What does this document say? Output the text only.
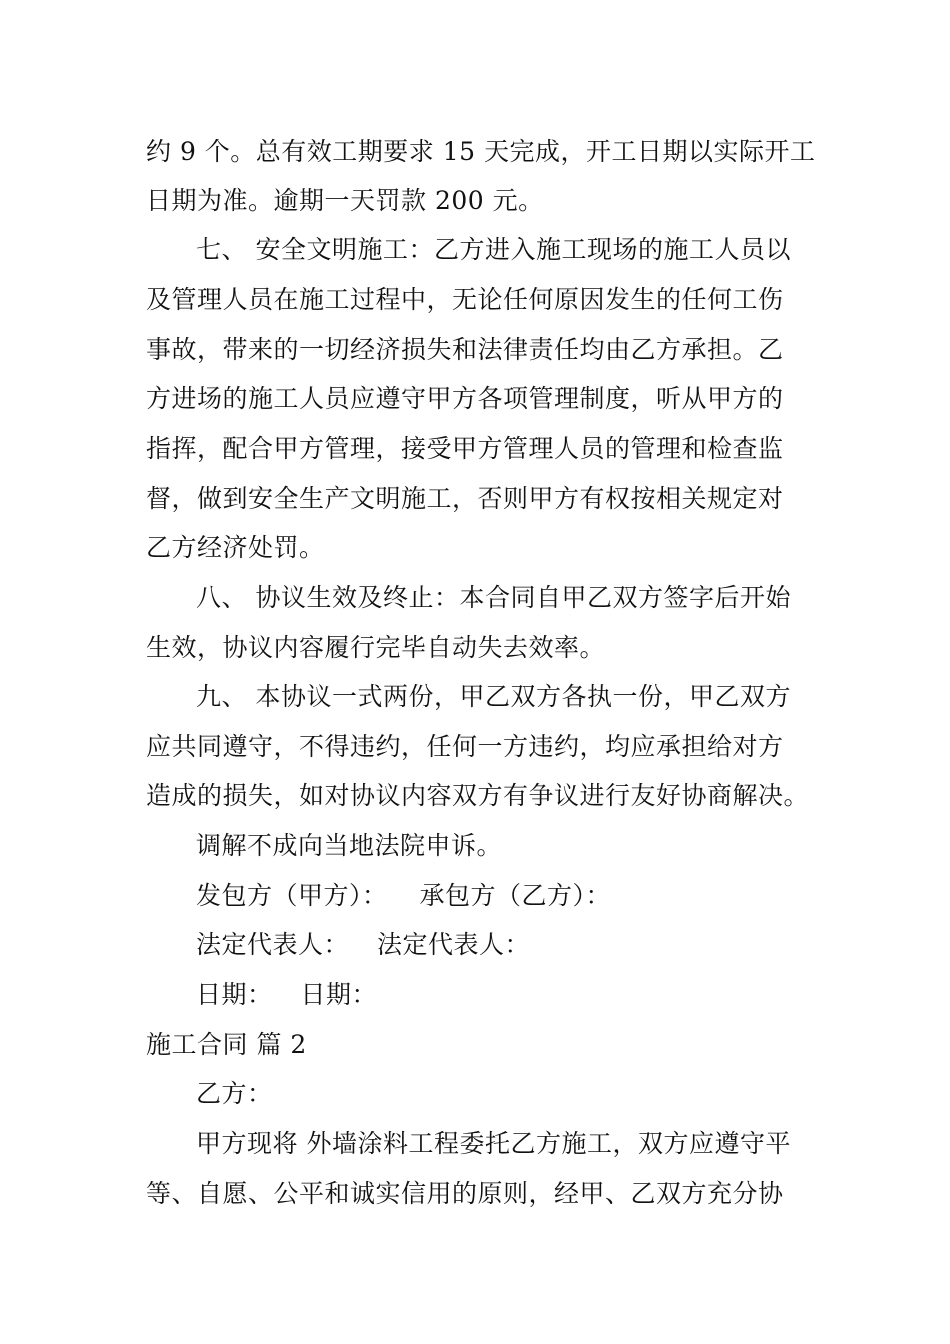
约 9 个。总有效工期要求 15 天完成，开工日期以实际开工
日期为准。逾期一天罚款 200 元。
七、 安全文明施工：乙方进入施工现场的施工人员以
及管理人员在施工过程中，无论任何原因发生的任何工伤
事故，带来的一切经济损失和法律责任均由乙方承担。乙
方进场的施工人员应遵守甲方各项管理制度，听从甲方的
指挥，配合甲方管理，接受甲方管理人员的管理和检查监
督，做到安全生产文明施工，否则甲方有权按相关规定对
乙方经济处罚。
八、 协议生效及终止：本合同自甲乙双方签字后开始
生效，协议内容履行完毕自动失去效率。
九、 本协议一式两份，甲乙双方各执一份，甲乙双方
应共同遵守，不得违约，任何一方违约，均应承担给对方
造成的损失，如对协议内容双方有争议进行友好协商解决。
调解不成向当地法院申诉。
发包方（甲方）： 承包方（乙方）：
法定代表人： 法定代表人：
日期： 日期：
施工合同 篇 2
乙方：
甲方现将 外墙涂料工程委托乙方施工，双方应遵守平
等、自愿、公平和诚实信用的原则，经甲、乙双方充分协
